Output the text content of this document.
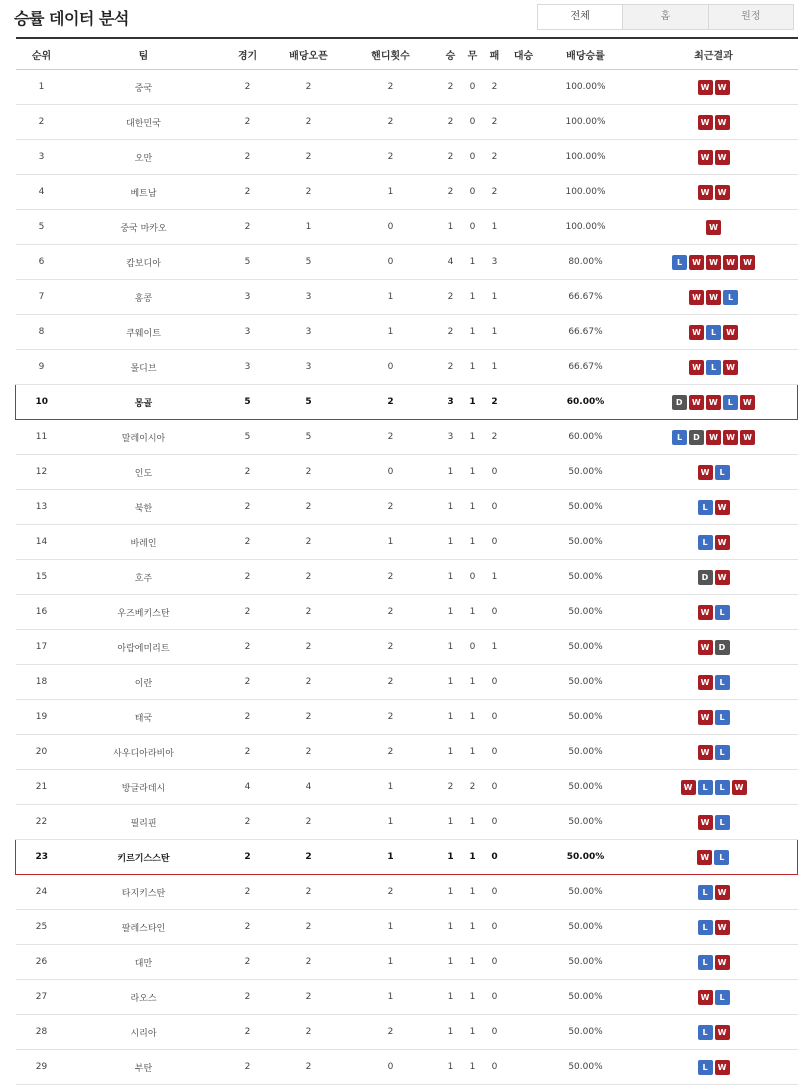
승률 데이터 분석	전체	홈	원정
순위	팀	경기	배당오픈	핸디횟수	승	무	패	대승	배당승률	최근결과
1	중국	2	2	2	2	0	2		100.00%	W W
2	대한민국	2	2	2	2	0	2		100.00%	W W
3	오만	2	2	2	2	0	2		100.00%	W W
4	베트남	2	2	1	2	0	2		100.00%	W W
5	중국 마카오	2	1	0	1	0	1		100.00%	W
6	캄보디아	5	5	0	4	1	3		80.00%	L W W W W
7	홍콩	3	3	1	2	1	1		66.67%	W W L
8	쿠웨이트	3	3	1	2	1	1		66.67%	W L W
9	몰디브	3	3	0	2	1	1		66.67%	W L W
10	몽골	5	5	2	3	1	2		60.00%	D W W L W
11	말레이시아	5	5	2	3	1	2		60.00%	L D W W W
12	인도	2	2	0	1	1	0		50.00%	W L
13	북한	2	2	2	1	1	0		50.00%	L W
14	바레인	2	2	1	1	1	0		50.00%	L W
15	호주	2	2	2	1	0	1		50.00%	D W
16	우즈베키스탄	2	2	2	1	1	0		50.00%	W L
17	아랍에미리트	2	2	2	1	0	1		50.00%	W D
18	이란	2	2	2	1	1	0		50.00%	W L
19	태국	2	2	2	1	1	0		50.00%	W L
20	사우디아라비아	2	2	2	1	1	0		50.00%	W L
21	방글라데시	4	4	1	2	2	0		50.00%	W L L W
22	필리핀	2	2	1	1	1	0		50.00%	W L
23	키르기스스탄	2	2	1	1	1	0		50.00%	W L
24	타지키스탄	2	2	2	1	1	0		50.00%	L W
25	팔레스타인	2	2	1	1	1	0		50.00%	L W
26	대만	2	2	1	1	1	0		50.00%	L W
27	라오스	2	2	1	1	1	0		50.00%	W L
28	시리아	2	2	2	1	1	0		50.00%	L W
29	부탄	2	2	0	1	1	0		50.00%	L W
